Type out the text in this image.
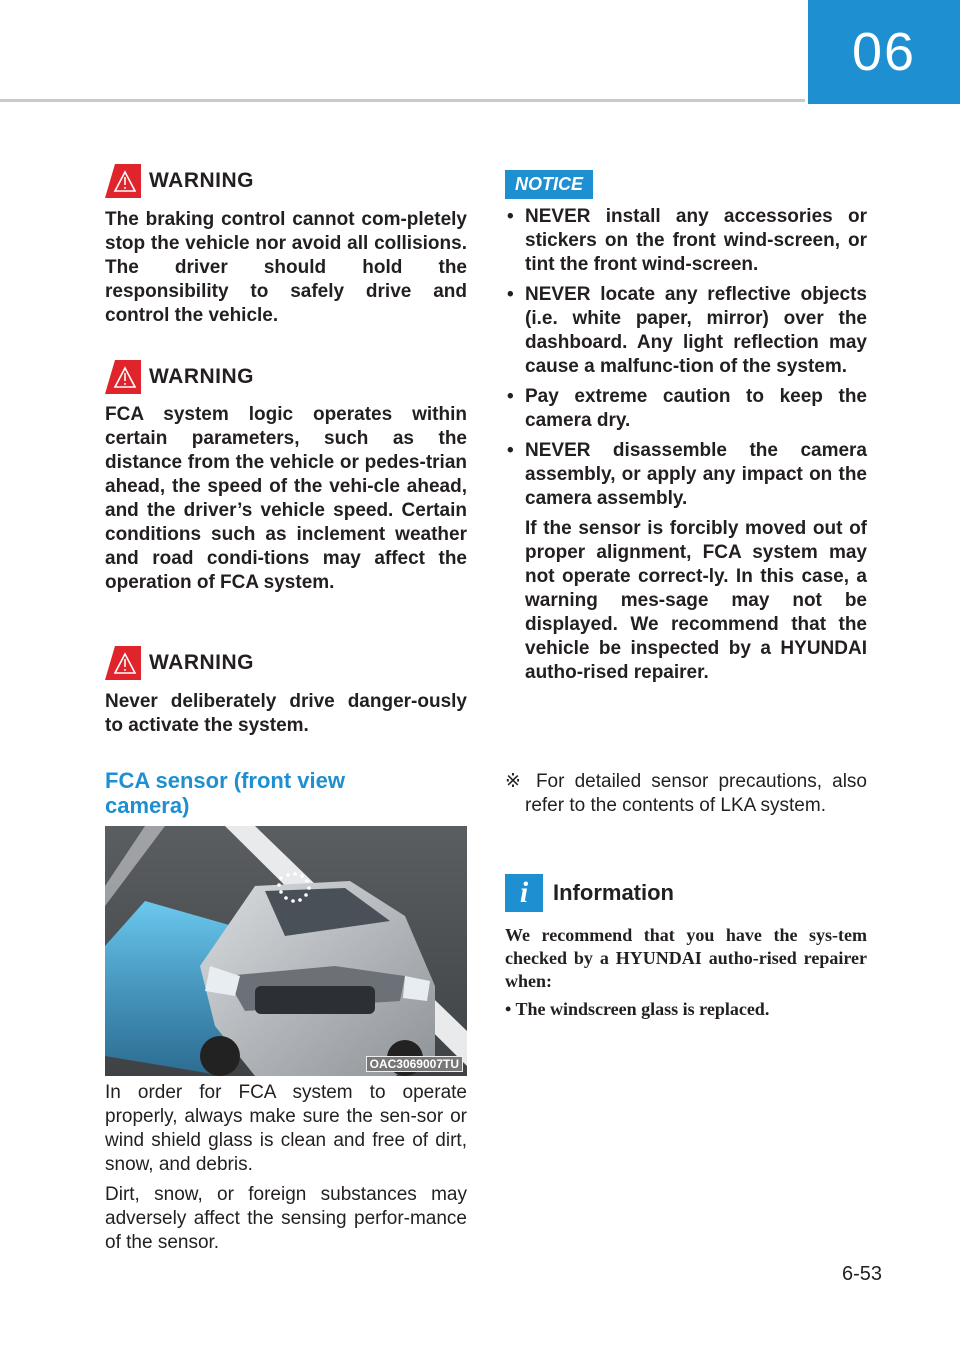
06
WARNING
The braking control cannot com-pletely stop the vehicle nor avoid all collisions. The driver should hold the responsibility to safely drive and control the vehicle.
WARNING
FCA system logic operates within certain parameters, such as the distance from the vehicle or pedes-trian ahead, the speed of the vehi-cle ahead, and the driver’s vehicle speed. Certain conditions such as inclement weather and road condi-tions may affect the operation of FCA system.
WARNING
Never deliberately drive danger-ously to activate the system.
FCA sensor (front view camera)
OAC3069007TU
In order for FCA system to operate properly, always make sure the sen-sor or wind shield glass is clean and free of dirt, snow, and debris.
Dirt, snow, or foreign substances may adversely affect the sensing perfor-mance of the sensor.
NOTICE
• NEVER install any accessories or stickers on the front wind-screen, or tint the front wind-screen.
• NEVER locate any reflective objects (i.e. white paper, mirror) over the dashboard. Any light reflection may cause a malfunc-tion of the system.
• Pay extreme caution to keep the camera dry.
• NEVER disassemble the camera assembly, or apply any impact on the camera assembly.
If the sensor is forcibly moved out of proper alignment, FCA system may not operate correct-ly. In this case, a warning mes-sage may not be displayed. We recommend that the vehicle be inspected by a HYUNDAI autho-rised repairer.
※ For detailed sensor precautions, also refer to the contents of LKA system.
i Information
We recommend that you have the sys-tem checked by a HYUNDAI autho-rised repairer when:
• The windscreen glass is replaced.
6-53
